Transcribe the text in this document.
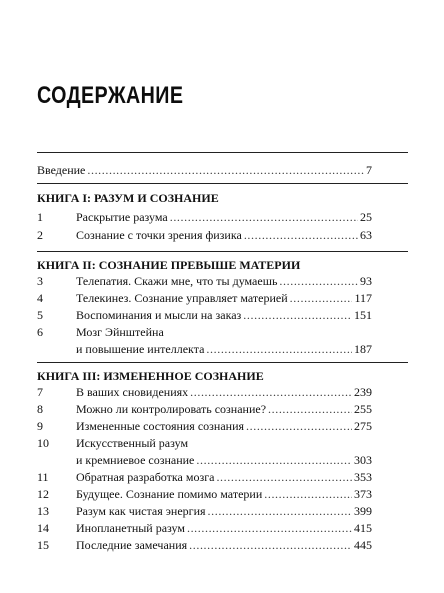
СОДЕРЖАНИЕ
Введение .....	7
КНИГА I: РАЗУМ И СОЗНАНИЕ
1	Раскрытие разума .....	25
2	Сознание с точки зрения физика .....	63
КНИГА II: СОЗНАНИЕ ПРЕВЫШЕ МАТЕРИИ
3	Телепатия. Скажи мне, что ты думаешь .....	93
4	Телекинез. Сознание управляет материей .....	117
5	Воспоминания и мысли на заказ .....	151
6	Мозг Эйнштейна
и повышение интеллекта .....	187
КНИГА III: ИЗМЕНЕННОЕ СОЗНАНИЕ
7	В ваших сновидениях .....	239
8	Можно ли контролировать сознание? .....	255
9	Измененные состояния сознания .....	275
10 Искусственный разум
и кремниевое сознание .....	303
11 Обратная разработка мозга .....	353
12 Будущее. Сознание помимо материи .....	373
13 Разум как чистая энергия .....	399
14 Инопланетный разум .....	415
15 Последние замечания .....	445
